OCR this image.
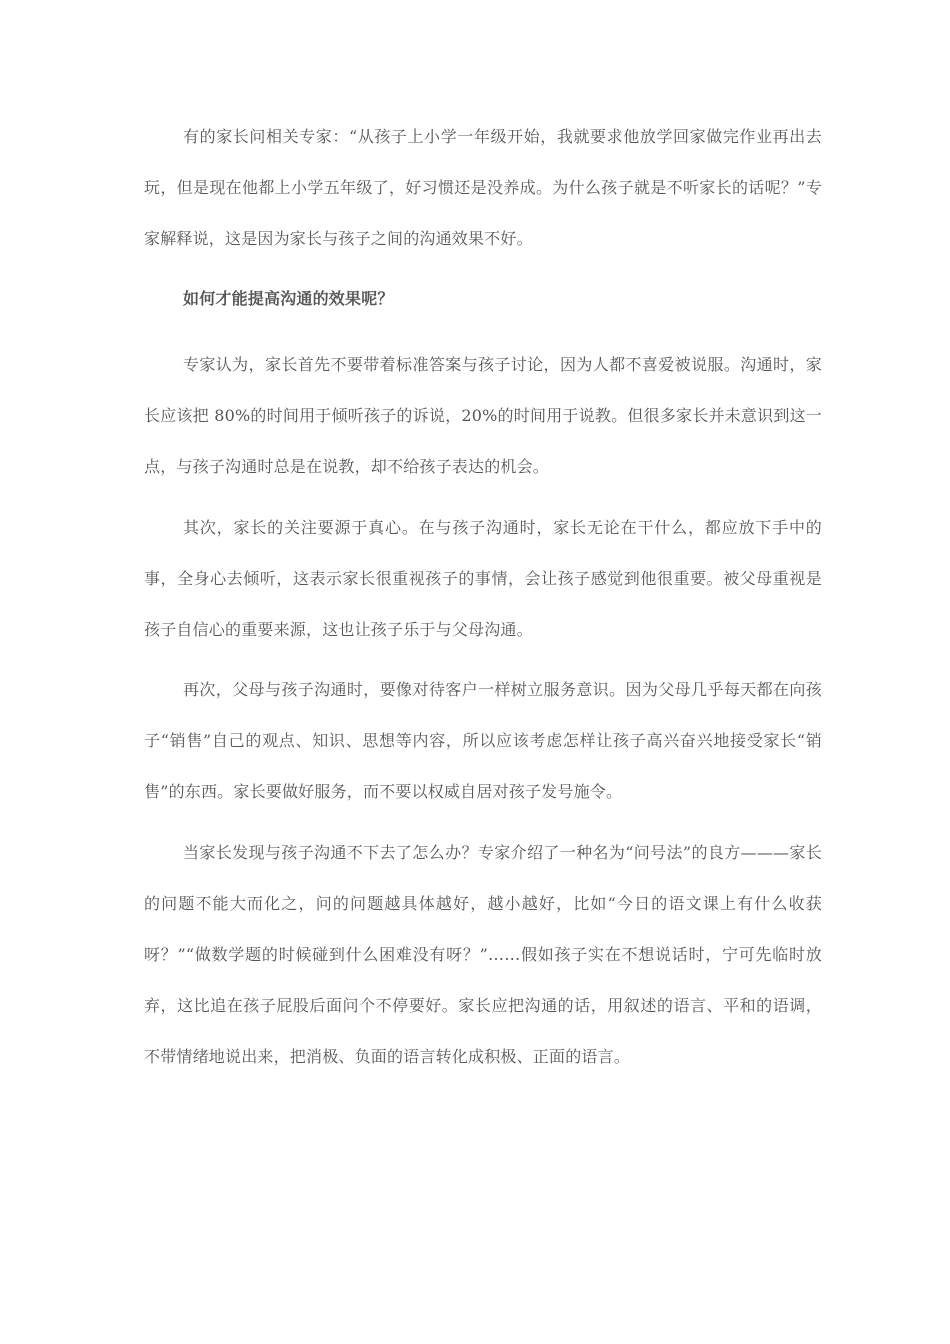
有的家长问相关专家：“从孩子上小学一年级开始，我就要求他放学回家做完作业再出去玩，但是现在他都上小学五年级了，好习惯还是没养成。为什么孩子就是不听家长的话呢？”专家解释说，这是因为家长与孩子之间的沟通效果不好。

如何才能提高沟通的效果呢？

专家认为，家长首先不要带着标准答案与孩子讨论，因为人都不喜爱被说服。沟通时，家长应该把 80%的时间用于倾听孩子的诉说，20%的时间用于说教。但很多家长并未意识到这一点，与孩子沟通时总是在说教，却不给孩子表达的机会。

其次，家长的关注要源于真心。在与孩子沟通时，家长无论在干什么，都应放下手中的事，全身心去倾听，这表示家长很重视孩子的事情，会让孩子感觉到他很重要。被父母重视是孩子自信心的重要来源，这也让孩子乐于与父母沟通。

再次，父母与孩子沟通时，要像对待客户一样树立服务意识。因为父母几乎每天都在向孩子“销售”自己的观点、知识、思想等内容，所以应该考虑怎样让孩子高兴奋兴地接受家长“销售”的东西。家长要做好服务，而不要以权威自居对孩子发号施令。

当家长发现与孩子沟通不下去了怎么办？专家介绍了一种名为“问号法”的良方———家长的问题不能大而化之，问的问题越具体越好，越小越好，比如“今日的语文课上有什么收获呀？”“做数学题的时候碰到什么困难没有呀？”……假如孩子实在不想说话时，宁可先临时放弃，这比追在孩子屁股后面问个不停要好。家长应把沟通的话，用叙述的语言、平和的语调，不带情绪地说出来，把消极、负面的语言转化成积极、正面的语言。
